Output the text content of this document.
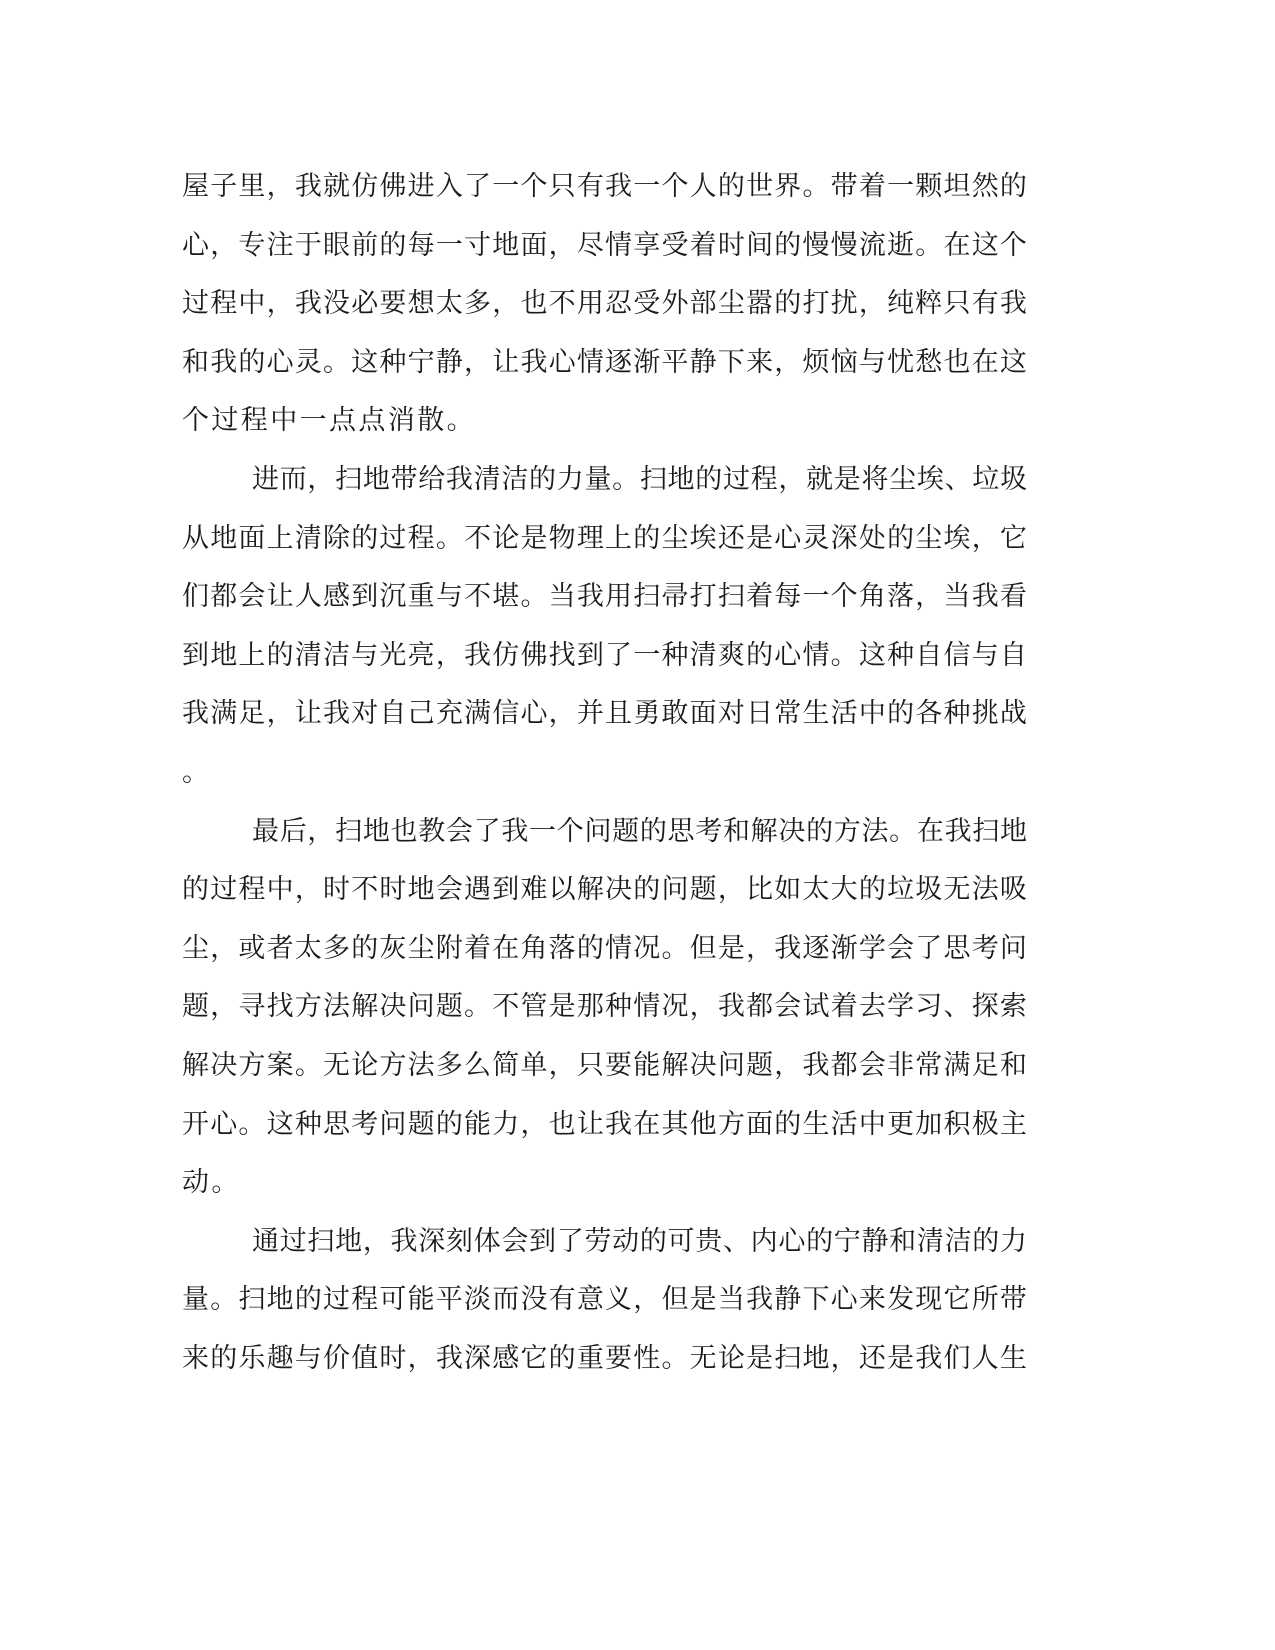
屋 子 里 ， 我 就 仿 佛 进 入 了 一 个 只 有 我 一 个 人 的 世 界 。 带 着 一 颗 坦 然 的
心 ， 专 注 于 眼 前 的 每 一 寸 地 面 ， 尽 情 享 受 着 时 间 的 慢 慢 流 逝 。 在 这 个
过 程 中 ， 我 没 必 要 想 太 多 ， 也 不 用 忍 受 外 部 尘 嚣 的 打 扰 ， 纯 粹 只 有 我
和 我 的 心 灵 。 这 种 宁 静 ， 让 我 心 情 逐 渐 平 静 下 来 ， 烦 恼 与 忧 愁 也 在 这
个过程中一点点消散。
进 而 ， 扫 地 带 给 我 清 洁 的 力 量 。 扫 地 的 过 程 ， 就 是 将 尘 埃 、 垃 圾
从 地 面 上 清 除 的 过 程 。 不 论 是 物 理 上 的 尘 埃 还 是 心 灵 深 处 的 尘 埃 ， 它
们 都 会 让 人 感 到 沉 重 与 不 堪 。 当 我 用 扫 帚 打 扫 着 每 一 个 角 落 ， 当 我 看
到 地 上 的 清 洁 与 光 亮 ， 我 仿 佛 找 到 了 一 种 清 爽 的 心 情 。 这 种 自 信 与 自
我 满 足 ， 让 我 对 自 己 充 满 信 心 ， 并 且 勇 敢 面 对 日 常 生 活 中 的 各 种 挑 战
。
最 后 ， 扫 地 也 教 会 了 我 一 个 问 题 的 思 考 和 解 决 的 方 法 。 在 我 扫 地
的 过 程 中 ， 时 不 时 地 会 遇 到 难 以 解 决 的 问 题 ， 比 如 太 大 的 垃 圾 无 法 吸
尘 ， 或 者 太 多 的 灰 尘 附 着 在 角 落 的 情 况 。 但 是 ， 我 逐 渐 学 会 了 思 考 问
题 ， 寻 找 方 法 解 决 问 题 。 不 管 是 那 种 情 况 ， 我 都 会 试 着 去 学 习 、 探 索
解 决 方 案 。 无 论 方 法 多 么 简 单 ， 只 要 能 解 决 问 题 ， 我 都 会 非 常 满 足 和
开 心 。 这 种 思 考 问 题 的 能 力 ， 也 让 我 在 其 他 方 面 的 生 活 中 更 加 积 极 主
动。
通 过 扫 地 ， 我 深 刻 体 会 到 了 劳 动 的 可 贵 、 内 心 的 宁 静 和 清 洁 的 力
量 。 扫 地 的 过 程 可 能 平 淡 而 没 有 意 义 ， 但 是 当 我 静 下 心 来 发 现 它 所 带
来 的 乐 趣 与 价 值 时 ， 我 深 感 它 的 重 要 性 。 无 论 是 扫 地 ， 还 是 我 们 人 生
